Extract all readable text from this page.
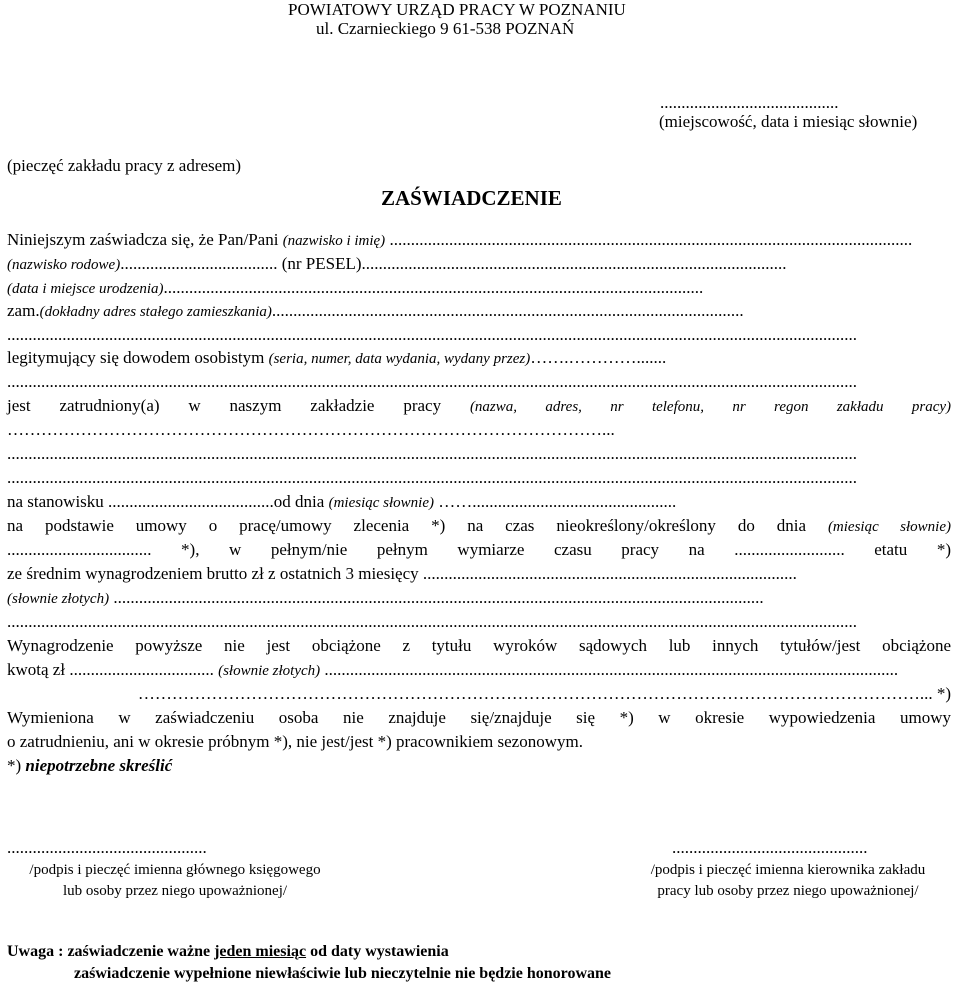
POWIATOWY URZĄD PRACY W POZNANIU
ul. Czarnieckiego 9 61-538 POZNAŃ
..........................................
(miejscowość, data i miesiąc słownie)
(pieczęć zakładu pracy z adresem)
ZAŚWIADCZENIE
Niniejszym zaświadcza się, że Pan/Pani (nazwisko i imię) ...........................................................................................................................
(nazwisko rodowe)..................................... (nr PESEL)....................................................................................................
(data i miejsce urodzenia)...............................................................................................................................
zam.(dokładny adres stałego zamieszkania)...............................................................................................................
........................................................................................................................................................................................................
legitymujący się dowodem osobistym (seria, numer, data wydania, wydany przez)…….………….......
........................................................................................................................................................................................................
jest zatrudniony(a) w naszym zakładzie pracy (nazwa, adres, nr telefonu, nr regon zakładu pracy)
……………………………………………………………………………………………...
........................................................................................................................................................................................................
........................................................................................................................................................................................................
na stanowisku .......................................od dnia (miesiąc słownie) ……................................................
na podstawie umowy o pracę/umowy zlecenia *) na czas nieokreślony/określony do dnia (miesiąc słownie)
.................................. *), w pełnym/nie pełnym wymiarze czasu pracy na .......................... etatu *)
ze średnim wynagrodzeniem brutto zł z ostatnich 3 miesięcy ........................................................................................
(słownie złotych) .........................................................................................................................................................
........................................................................................................................................................................................................
Wynagrodzenie powyższe nie jest obciążone z tytułu wyroków sądowych lub innych tytułów/jest obciążone
kwotą zł .................................. (słownie złotych) .......................................................................................................................................
…………………………………………………………………………………………………………………………... *)
Wymieniona w zaświadczeniu osoba nie znajduje się/znajduje się *) w okresie wypowiedzenia umowy
o zatrudnieniu, ani w okresie próbnym *), nie jest/jest *) pracownikiem sezonowym.
*) niepotrzebne skreślić
...............................................	..............................................
/podpis i pieczęć imienna głównego księgowego
lub osoby przez niego upoważnionej/
/podpis i pieczęć imienna kierownika zakładu
pracy lub osoby przez niego upoważnionej/
Uwaga : zaświadczenie ważne jeden miesiąc od daty wystawienia
zaświadczenie wypełnione niewłaściwie lub nieczytelnie nie będzie honorowane
